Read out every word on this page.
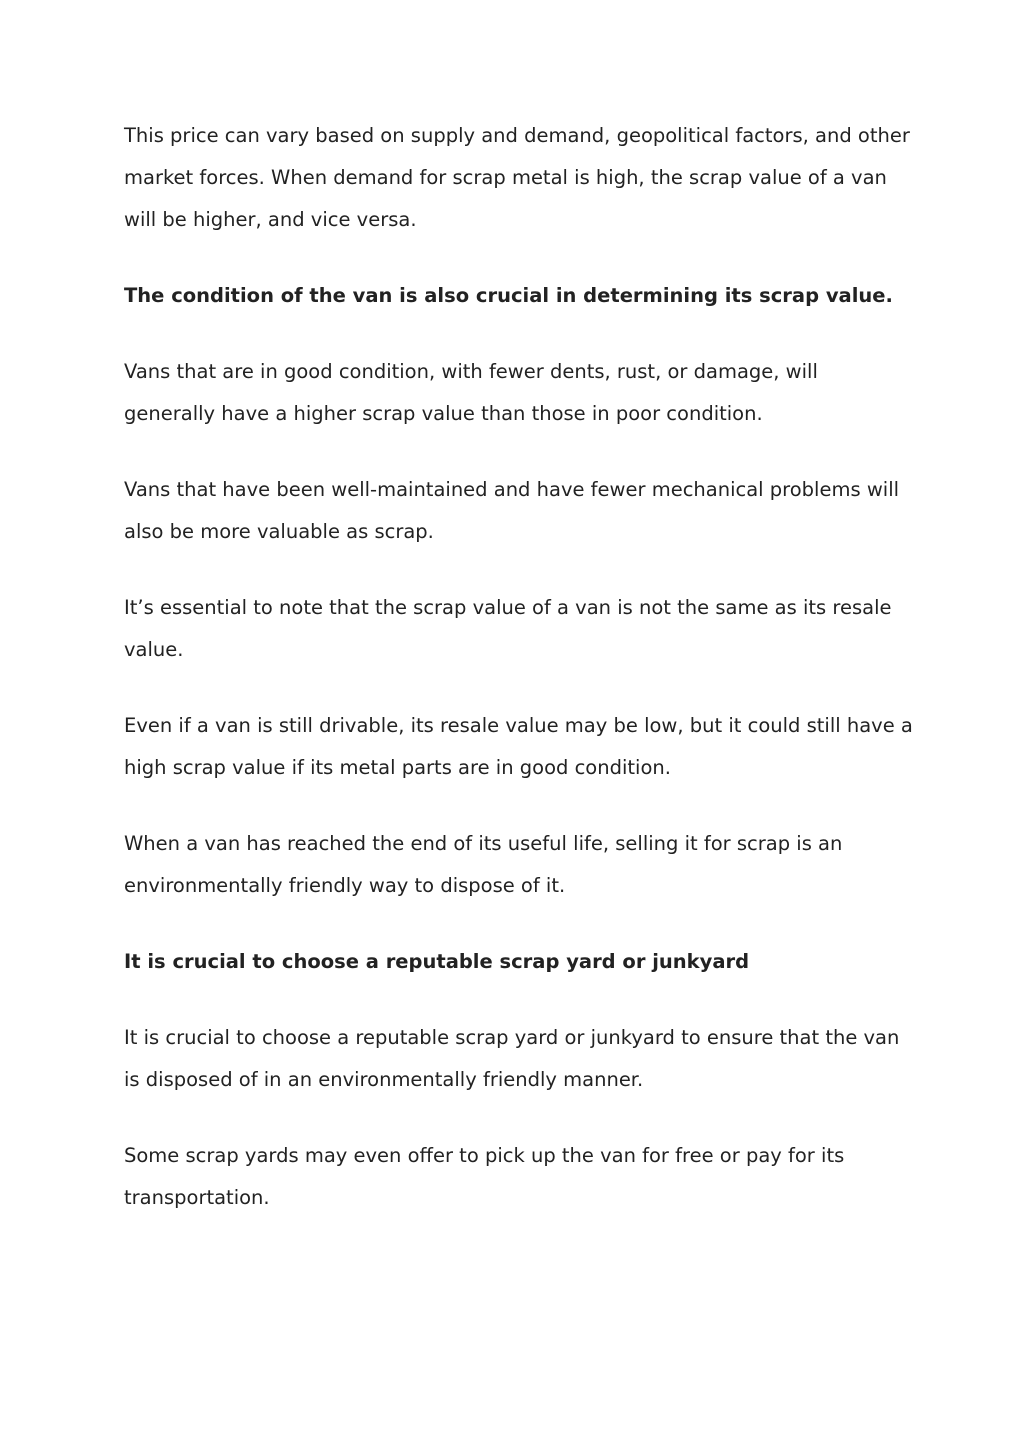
This price can vary based on supply and demand, geopolitical factors, and other market forces. When demand for scrap metal is high, the scrap value of a van will be higher, and vice versa.

The condition of the van is also crucial in determining its scrap value.

Vans that are in good condition, with fewer dents, rust, or damage, will generally have a higher scrap value than those in poor condition.

Vans that have been well-maintained and have fewer mechanical problems will also be more valuable as scrap.

It’s essential to note that the scrap value of a van is not the same as its resale value.

Even if a van is still drivable, its resale value may be low, but it could still have a high scrap value if its metal parts are in good condition.

When a van has reached the end of its useful life, selling it for scrap is an environmentally friendly way to dispose of it.

It is crucial to choose a reputable scrap yard or junkyard

It is crucial to choose a reputable scrap yard or junkyard to ensure that the van is disposed of in an environmentally friendly manner.

Some scrap yards may even offer to pick up the van for free or pay for its transportation.
